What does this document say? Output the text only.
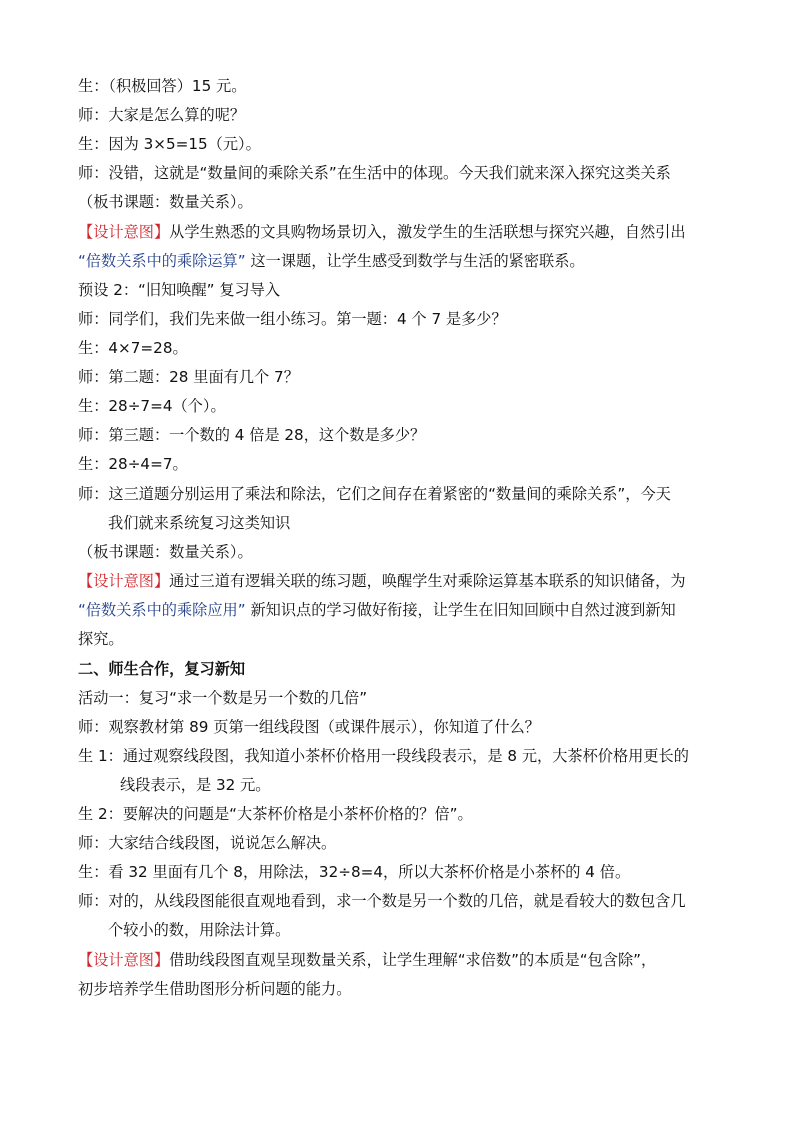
生：（积极回答）15 元。
师：大家是怎么算的呢？
生：因为 3×5=15（元）。
师：没错，这就是“数量间的乘除关系”在生活中的体现。今天我们就来深入探究这类关系
（板书课题：数量关系）。
【设计意图】从学生熟悉的文具购物场景切入，激发学生的生活联想与探究兴趣，自然引出
“倍数关系中的乘除运算” 这一课题，让学生感受到数学与生活的紧密联系。
预设 2：“旧知唤醒” 复习导入
师：同学们，我们先来做一组小练习。第一题：4 个 7 是多少？
生：4×7=28。
师：第二题：28 里面有几个 7？
生：28÷7=4（个）。
师：第三题：一个数的 4 倍是 28，这个数是多少？
生：28÷4=7。
师：这三道题分别运用了乘法和除法，它们之间存在着紧密的“数量间的乘除关系”，今天
我们就来系统复习这类知识
（板书课题：数量关系）。
【设计意图】通过三道有逻辑关联的练习题，唤醒学生对乘除运算基本联系的知识储备，为
“倍数关系中的乘除应用” 新知识点的学习做好衔接，让学生在旧知回顾中自然过渡到新知
探究。
二、师生合作，复习新知
活动一：复习“求一个数是另一个数的几倍”
师：观察教材第 89 页第一组线段图（或课件展示），你知道了什么？
生 1：通过观察线段图，我知道小茶杯价格用一段线段表示，是 8 元，大茶杯价格用更长的
线段表示，是 32 元。
生 2：要解决的问题是“大茶杯价格是小茶杯价格的？倍”。
师：大家结合线段图，说说怎么解决。
生：看 32 里面有几个 8，用除法，32÷8=4，所以大茶杯价格是小茶杯的 4 倍。
师：对的，从线段图能很直观地看到，求一个数是另一个数的几倍，就是看较大的数包含几
个较小的数，用除法计算。
【设计意图】借助线段图直观呈现数量关系，让学生理解“求倍数”的本质是“包含除”，
初步培养学生借助图形分析问题的能力。
